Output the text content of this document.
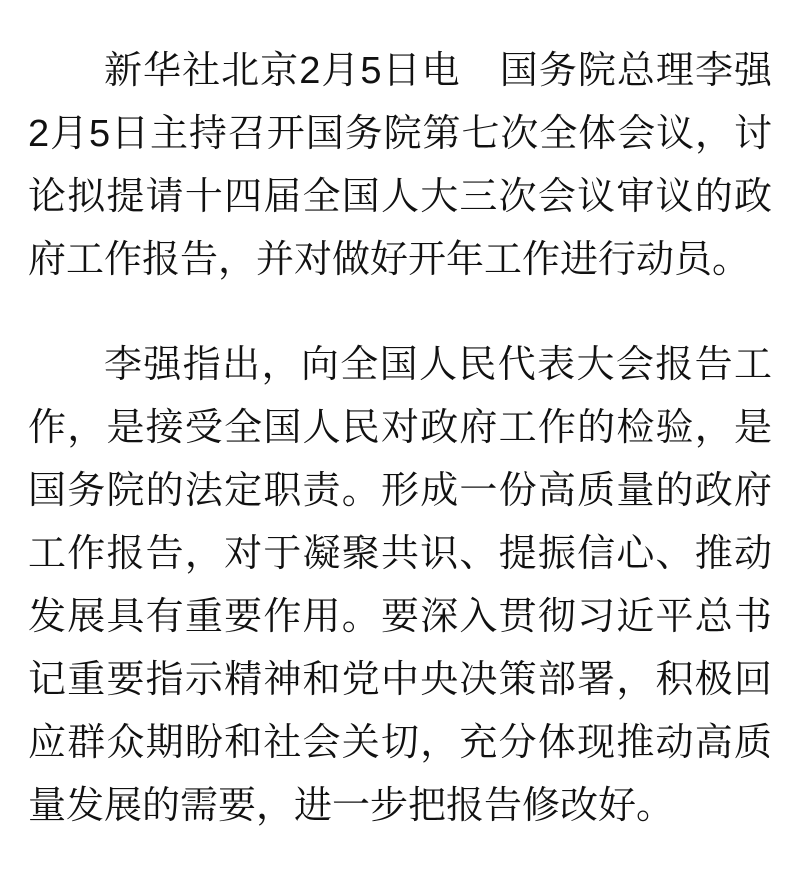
新华社北京2月5日电　国务院总理李强2月5日主持召开国务院第七次全体会议，讨论拟提请十四届全国人大三次会议审议的政府工作报告，并对做好开年工作进行动员。

李强指出，向全国人民代表大会报告工作，是接受全国人民对政府工作的检验，是国务院的法定职责。形成一份高质量的政府工作报告，对于凝聚共识、提振信心、推动发展具有重要作用。要深入贯彻习近平总书记重要指示精神和党中央决策部署，积极回应群众期盼和社会关切，充分体现推动高质量发展的需要，进一步把报告修改好。
